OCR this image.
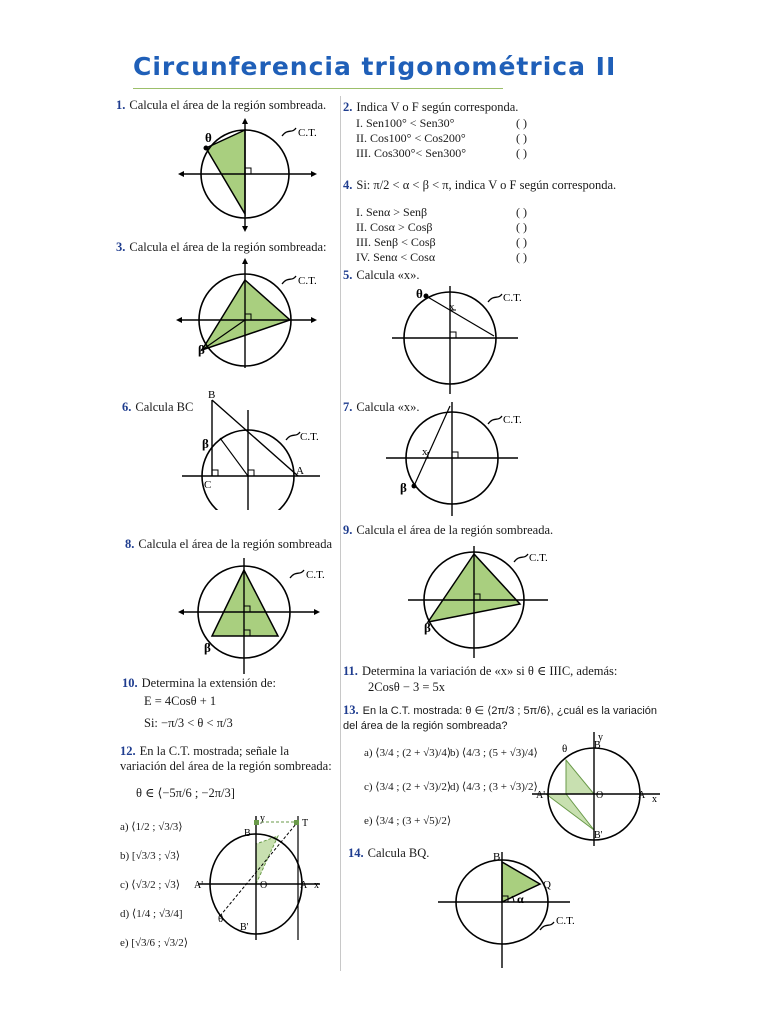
Circunferencia trigonométrica II
1. Calcula el área de la región sombreada.
θ	C.T.
3. Calcula el área de la región sombreada:
β
C.T.
6. Calcula BC
B
C
A
β	C.T.
8. Calcula el área de la región sombreada
β
C.T.
10. Determina la extensión de:
E = 4Cosθ + 1
Si: −π/3 < θ < π/3
12. En la C.T. mostrada; señale la variación del área de la región sombreada:
θ ∈ ⟨−5π/6 ; −2π/3]
a) ⟨1/2 ; √3/3⟩
b) [√3/3 ; √3⟩
c) ⟨√3/2 ; √3⟩
d) ⟨1/4 ; √3/4]
e) [√3/6 ; √3/2⟩
y	T
B
O	A x
A'
B'
θ
2. Indica V o F según corresponda.
I. Sen100° < Sen30°	( )
II. Cos100° < Cos200°	( )
III. Cos300°< Sen300°	( )
4. Si: π/2 < α < β < π, indica V o F según corresponda.
I. Senα > Senβ	( )
II. Cosα > Cosβ	( )
III. Senβ < Cosβ	( )
IV. Senα < Cosα	( )
5. Calcula «x».
θ
x
C.T.
7. Calcula «x».
x
β
C.T.
9. Calcula el área de la región sombreada.
β
C.T.
11. Determina la variación de «x» si θ ∈ IIIC, además:
2Cosθ − 3 = 5x
13. En la C.T. mostrada: θ ∈ ⟨2π/3 ; 5π/6⟩, ¿cuál es la variación del área de la región sombreada?
a) ⟨3/4 ; (2 + √3)/4⟩
c) ⟨3/4 ; (2 + √3)/2⟩
e) ⟨3/4 ; (3 + √5)/2⟩
b) ⟨4/3 ; (5 + √3)/4⟩
d) ⟨4/3 ; (3 + √3)/2⟩
y
B
θ
A'	O	A x
B'
14. Calcula BQ.	B
Q
α
C.T.
